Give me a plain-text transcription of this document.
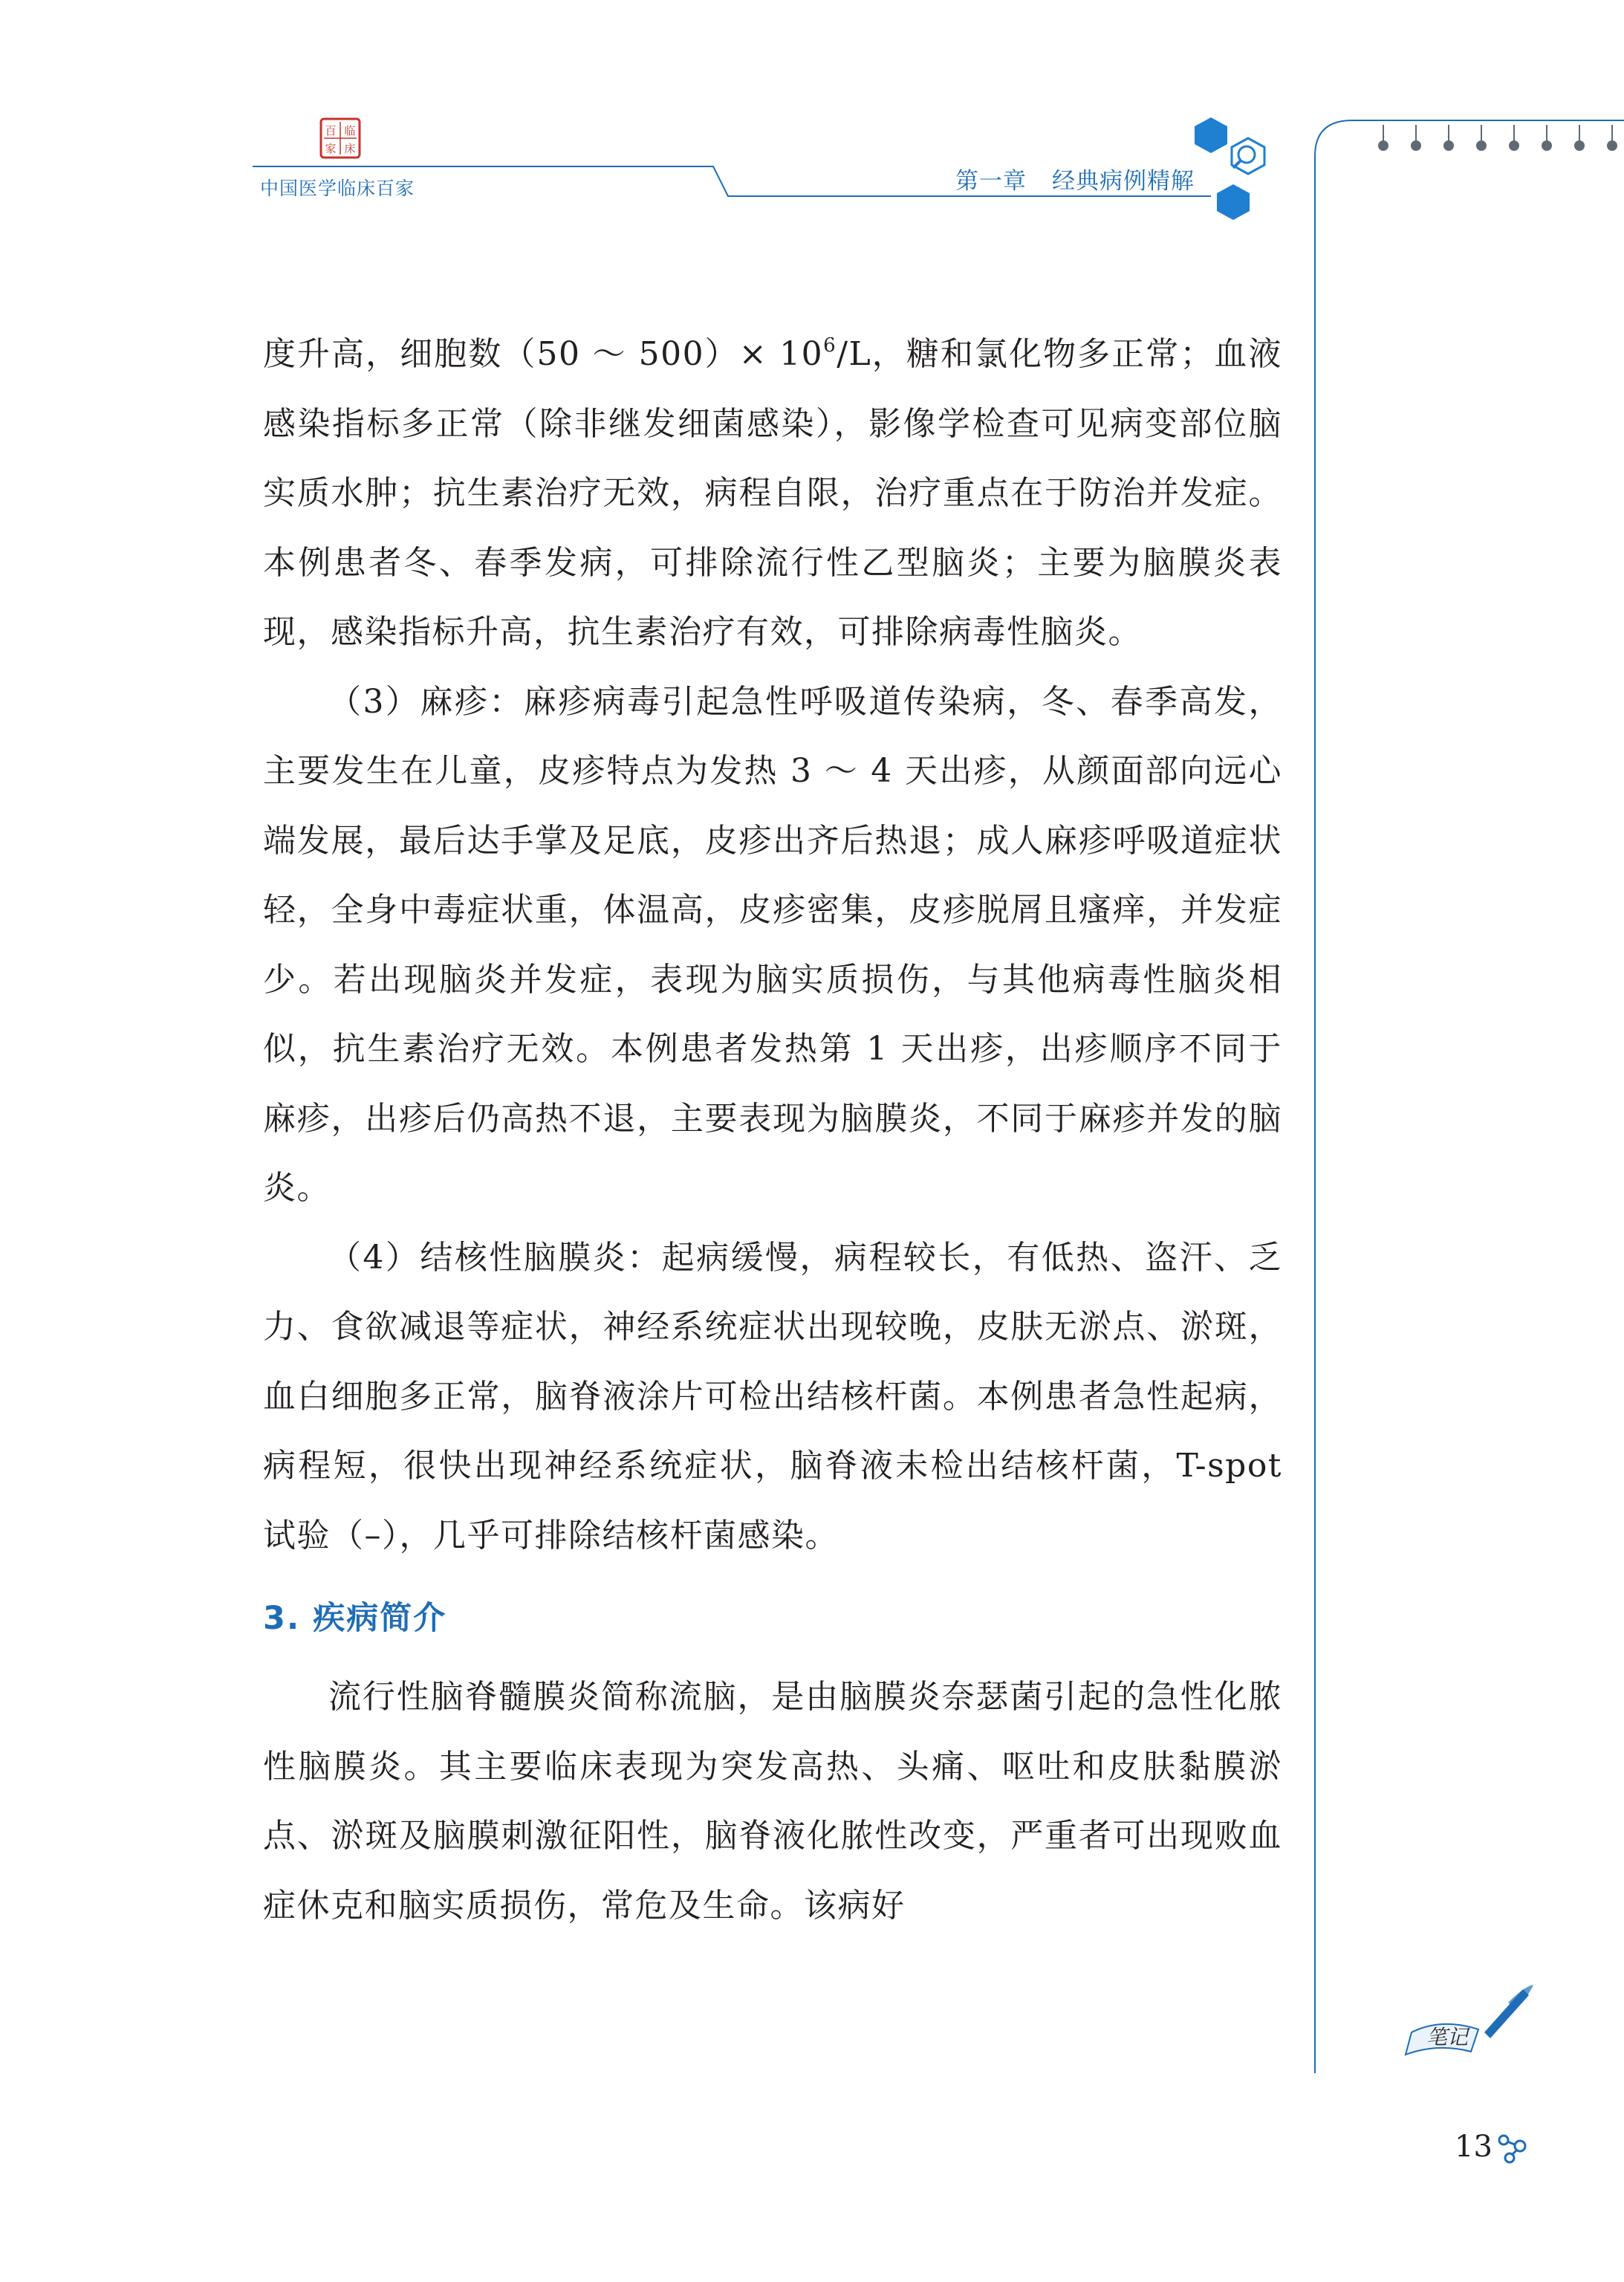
百 临
家 床
中国医学临床百家	第一章 经典病例精解
笔记

度升高，细胞数（50 ～ $500)\times 10^6/L$，糖和氯化物多正常；血液感染指标多正常（除非继发细菌感染），影像学检查可见病变部位脑实质水肿；抗生素治疗无效，病程自限，治疗重点在于防治并发症。本例患者冬、春季发病，可排除流行性乙型脑炎；主要为脑膜炎表现，感染指标升高，抗生素治疗有效，可排除病毒性脑炎。

（3）麻疹：麻疹病毒引起急性呼吸道传染病，冬、春季高发，主要发生在儿童，皮疹特点为发热 3 ～ 4 天出疹，从颜面部向远心端发展，最后达手掌及足底，皮疹出齐后热退；成人麻疹呼吸道症状轻，全身中毒症状重，体温高，皮疹密集，皮疹脱屑且瘙痒，并发症少。若出现脑炎并发症，表现为脑实质损伤，与其他病毒性脑炎相似，抗生素治疗无效。本例患者发热第 1 天出疹，出疹顺序不同于麻疹，出疹后仍高热不退，主要表现为脑膜炎，不同于麻疹并发的脑炎。

（4）结核性脑膜炎：起病缓慢，病程较长，有低热、盗汗、乏力、食欲减退等症状，神经系统症状出现较晚，皮肤无淤点、淤斑，血白细胞多正常，脑脊液涂片可检出结核杆菌。本例患者急性起病，病程短，很快出现神经系统症状，脑脊液未检出结核杆菌，T-spot 试验（–），几乎可排除结核杆菌感染。

3. 疾病简介

流行性脑脊髓膜炎简称流脑，是由脑膜炎奈瑟菌引起的急性化脓性脑膜炎。其主要临床表现为突发高热、头痛、呕吐和皮肤黏膜淤点、淤斑及脑膜刺激征阳性，脑脊液化脓性改变，严重者可出现败血症休克和脑实质损伤，常危及生命。该病好

13
